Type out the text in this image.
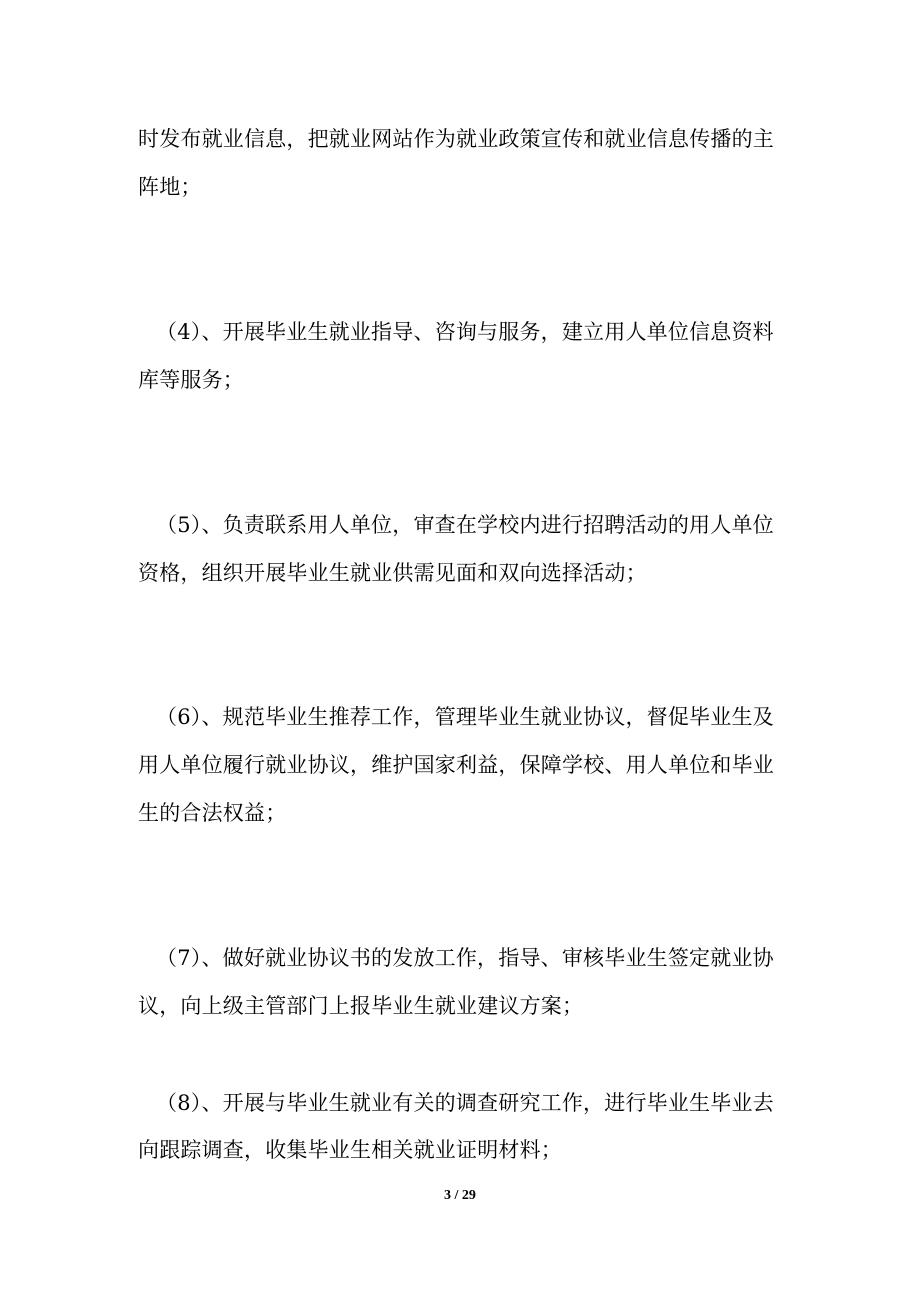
时发布就业信息，把就业网站作为就业政策宣传和就业信息传播的主
阵地；
（4）、开展毕业生就业指导、咨询与服务，建立用人单位信息资料
库等服务；
（5）、负责联系用人单位，审查在学校内进行招聘活动的用人单位
资格，组织开展毕业生就业供需见面和双向选择活动；
（6）、规范毕业生推荐工作，管理毕业生就业协议，督促毕业生及
用人单位履行就业协议，维护国家利益，保障学校、用人单位和毕业
生的合法权益；
（7）、做好就业协议书的发放工作，指导、审核毕业生签定就业协
议，向上级主管部门上报毕业生就业建议方案；
（8）、开展与毕业生就业有关的调查研究工作，进行毕业生毕业去
向跟踪调查，收集毕业生相关就业证明材料；
3 / 29
